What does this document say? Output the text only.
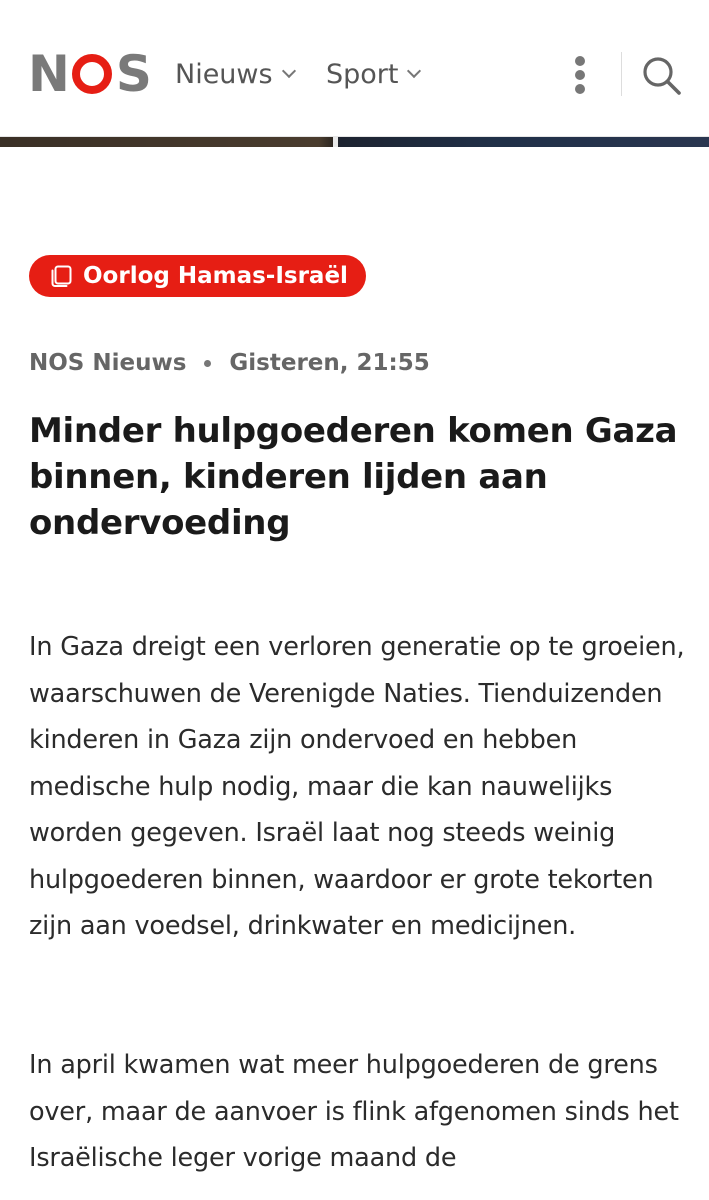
N S Nieuws Sport
Oorlog Hamas-Israël
NOS Nieuws Gisteren, 21:55
Minder hulpgoederen komen Gaza binnen, kinderen lijden aan ondervoeding

In Gaza dreigt een verloren generatie op te groeien, waarschuwen de Verenigde Naties. Tienduizenden kinderen in Gaza zijn ondervoed en hebben medische hulp nodig, maar die kan nauwelijks worden gegeven. Israël laat nog steeds weinig hulpgoederen binnen, waardoor er grote tekorten zijn aan voedsel, drinkwater en medicijnen.

In april kwamen wat meer hulpgoederen de grens over, maar de aanvoer is flink afgenomen sinds het Israëlische leger vorige maand de
